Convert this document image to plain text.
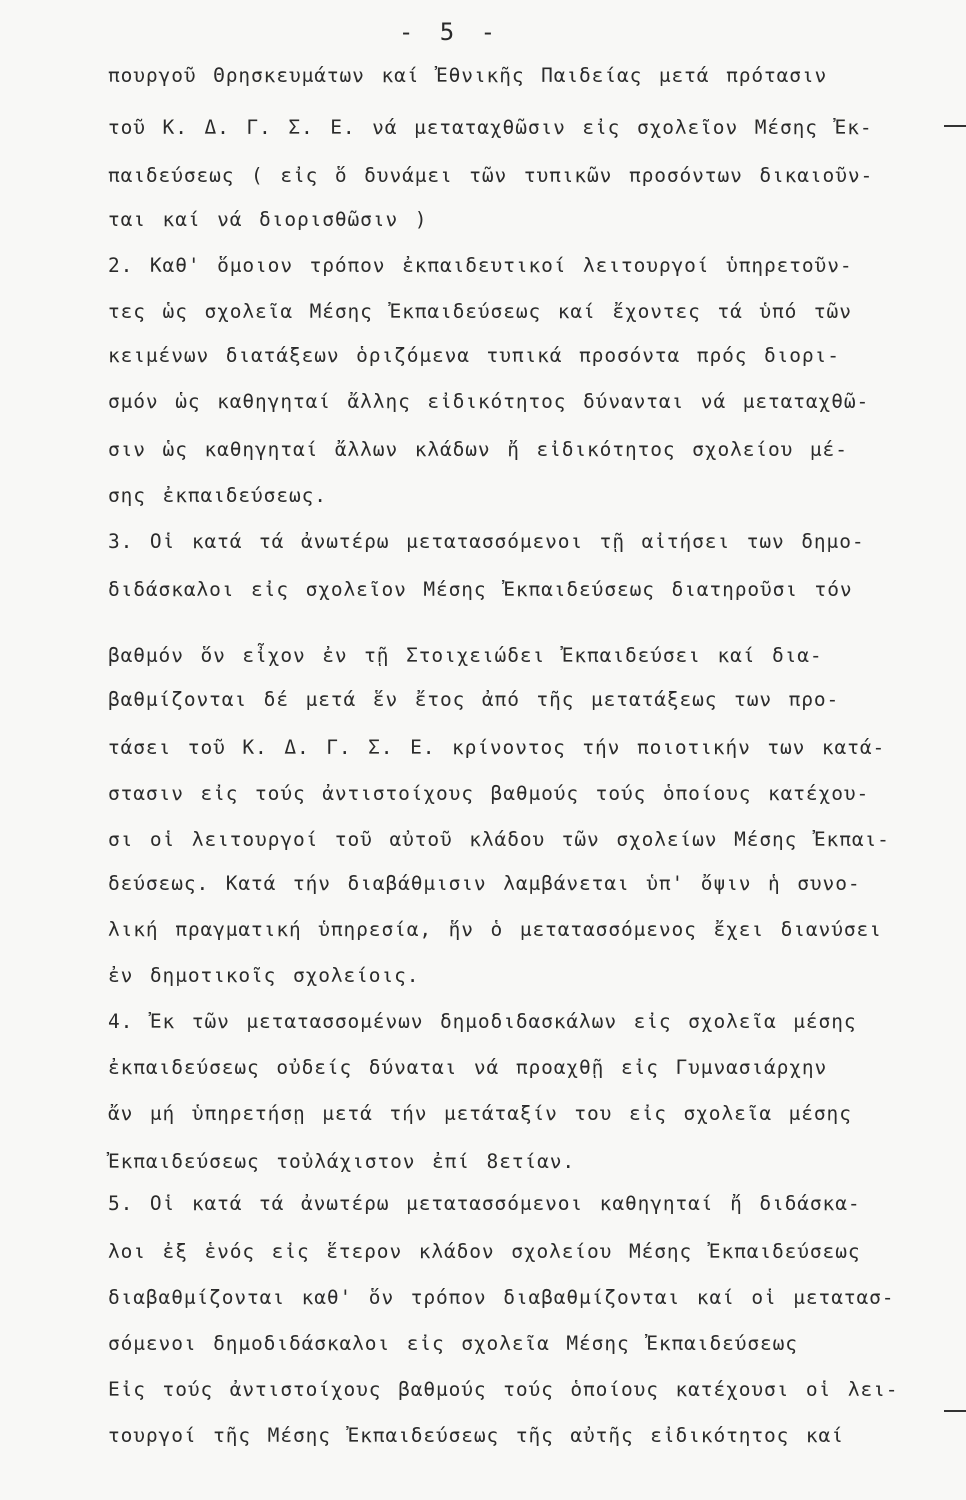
- 5 -
πουργοῦ Θρησκευμάτων καί Ἐθνικῆς Παιδείας μετά πρότασιν
τοῦ Κ. Δ. Γ. Σ. Ε. νά μεταταχθῶσιν εἰς σχολεῖον Μέσης Ἐκ-
παιδεύσεως ( εἰς ὅ δυνάμει τῶν τυπικῶν προσόντων δικαιοῦν-
ται καί νά διορισθῶσιν )
2. Καθ' ὅμοιον τρόπον ἐκπαιδευτικοί λειτουργοί ὑπηρετοῦν-
τες ὡς σχολεῖα Μέσης Ἐκπαιδεύσεως καί ἔχοντες τά ὑπό τῶν
κειμένων διατάξεων ὁριζόμενα τυπικά προσόντα πρός διορι-
σμόν ὡς καθηγηταί ἄλλης εἰδικότητος δύνανται νά μεταταχθῶ-
σιν ὡς καθηγηταί ἄλλων κλάδων ἤ εἰδικότητος σχολείου μέ-
σης ἐκπαιδεύσεως.
3. Οἱ κατά τά ἀνωτέρω μετατασσόμενοι τῇ αἰτήσει των δημο-
διδάσκαλοι εἰς σχολεῖον Μέσης Ἐκπαιδεύσεως διατηροῦσι τόν
βαθμόν ὅν εἶχον ἐν τῇ Στοιχειώδει Ἐκπαιδεύσει καί δια-
βαθμίζονται δέ μετά ἕν ἔτος ἀπό τῆς μετατάξεως των προ-
τάσει τοῦ Κ. Δ. Γ. Σ. Ε. κρίνοντος τήν ποιοτικήν των κατά-
στασιν εἰς τούς ἀντιστοίχους βαθμούς τούς ὁποίους κατέχου-
σι οἱ λειτουργοί τοῦ αὐτοῦ κλάδου τῶν σχολείων Μέσης Ἐκπαι-
δεύσεως. Κατά τήν διαβάθμισιν λαμβάνεται ὑπ' ὄψιν ἡ συνο-
λική πραγματική ὑπηρεσία, ἥν ὁ μετατασσόμενος ἔχει διανύσει
ἐν δημοτικοῖς σχολείοις.
4. Ἐκ τῶν μετατασσομένων δημοδιδασκάλων εἰς σχολεῖα μέσης
ἐκπαιδεύσεως οὐδείς δύναται νά προαχθῇ εἰς Γυμνασιάρχην
ἄν μή ὑπηρετήσῃ μετά τήν μετάταξίν του εἰς σχολεῖα μέσης
Ἐκπαιδεύσεως τοὐλάχιστον ἐπί 8ετίαν.
5. Οἱ κατά τά ἀνωτέρω μετατασσόμενοι καθηγηταί ἤ διδάσκα-
λοι ἐξ ἑνός εἰς ἕτερον κλάδον σχολείου Μέσης Ἐκπαιδεύσεως
διαβαθμίζονται καθ' ὅν τρόπον διαβαθμίζονται καί οἱ μετατασ-
σόμενοι δημοδιδάσκαλοι εἰς σχολεῖα Μέσης Ἐκπαιδεύσεως
Εἰς τούς ἀντιστοίχους βαθμούς τούς ὁποίους κατέχουσι οἱ λει-
τουργοί τῆς Μέσης Ἐκπαιδεύσεως τῆς αὐτῆς εἰδικότητος καί
